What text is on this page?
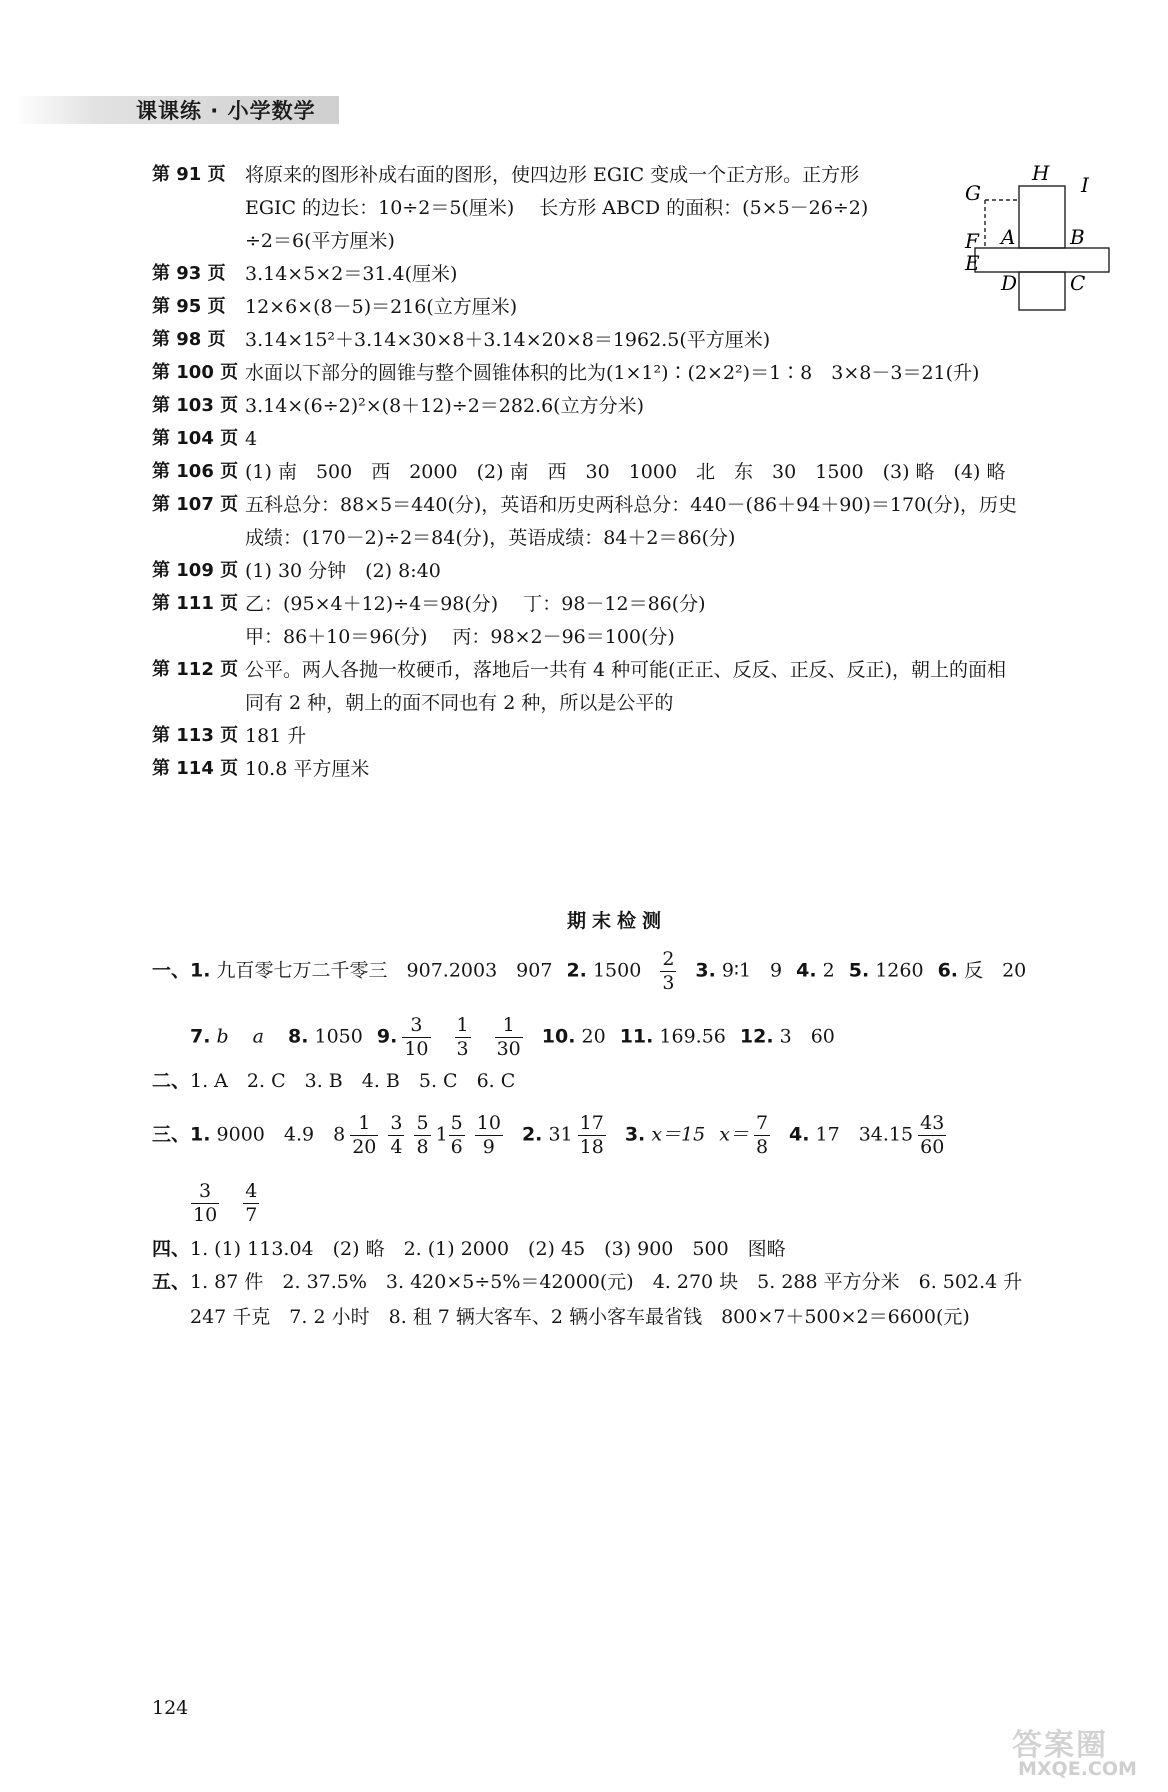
课课练 · 小学数学
第 91 页 将原来的图形补成右面的图形，使四边形 EGIC 变成一个正方形。正方形
EGIC 的边长：10÷2＝5(厘米)　 长方形 ABCD 的面积：(5×5－26÷2)
÷2＝6(平方厘米)
H
G	I
F A	B
E
D	C
第 93 页 3.14×5×2＝31.4(厘米)
第 95 页 12×6×(8－5)＝216(立方厘米)
第 98 页 3.14×15²＋3.14×30×8＋3.14×20×8＝1962.5(平方厘米)
第 100 页 水面以下部分的圆锥与整个圆锥体积的比为(1×1²)∶(2×2²)＝1∶8　3×8－3＝21(升)
第 103 页 3.14×(6÷2)²×(8＋12)÷2＝282.6(立方分米)
第 104 页 4
第 106 页 (1) 南　500　西　2000　(2) 南　西　30　1000　北　东　30　1500　(3) 略　(4) 略
第 107 页 五科总分：88×5＝440(分)，英语和历史两科总分：440－(86＋94＋90)＝170(分)，历史
成绩：(170－2)÷2＝84(分)，英语成绩：84＋2＝86(分)
第 109 页 (1) 30 分钟　(2) 8:40
第 111 页 乙：(95×4＋12)÷4＝98(分)　 丁：98－12＝86(分)
甲：86＋10＝96(分)　 丙：98×2－96＝100(分)
第 112 页 公平。两人各抛一枚硬币，落地后一共有 4 种可能(正正、反反、正反、反正)，朝上的面相
同有 2 种，朝上的面不同也有 2 种，所以是公平的
第 113 页 181 升
第 114 页 10.8 平方厘米
期末检测
一、1. 九百零七万二千零三　907.2003　907 2. $1500 \frac{2}{3} 3$. 9∶1　9 4. 2 5. 1260 6. 反　20
7. b a 8. 1050 9. $\frac{3}{10} \frac{1}{3} \frac{1}{30} 10$. 20 11. 169.56 12. 3　60
二、1. A　2. C　3. B　4. B　5. C　6. C
三、1. 9000　4.9　$8 \frac{1}{20} \frac{3}{4} \frac{5}{8} 1 \frac{5}{6} \frac{10}{9} 2$. $31 \frac{17}{18} 3$. x＝15 $x= \frac{7}{8} 4$. 17　$34.15 \frac{43}{60}$
$\frac{3}{10} \frac{4}{7}$
四、1. (1) 113.04　(2) 略　2. (1) 2000　(2) 45　(3) 900　500　图略
五、1. 87 件　2. 37.5%　3. 420×5÷5%＝42000(元)　4. 270 块　5. 288 平方分米　6. 502.4 升
247 千克　7. 2 小时　8. 租 7 辆大客车、2 辆小客车最省钱　800×7＋500×2＝6600(元)
124
答案圈
MXQE.COM
